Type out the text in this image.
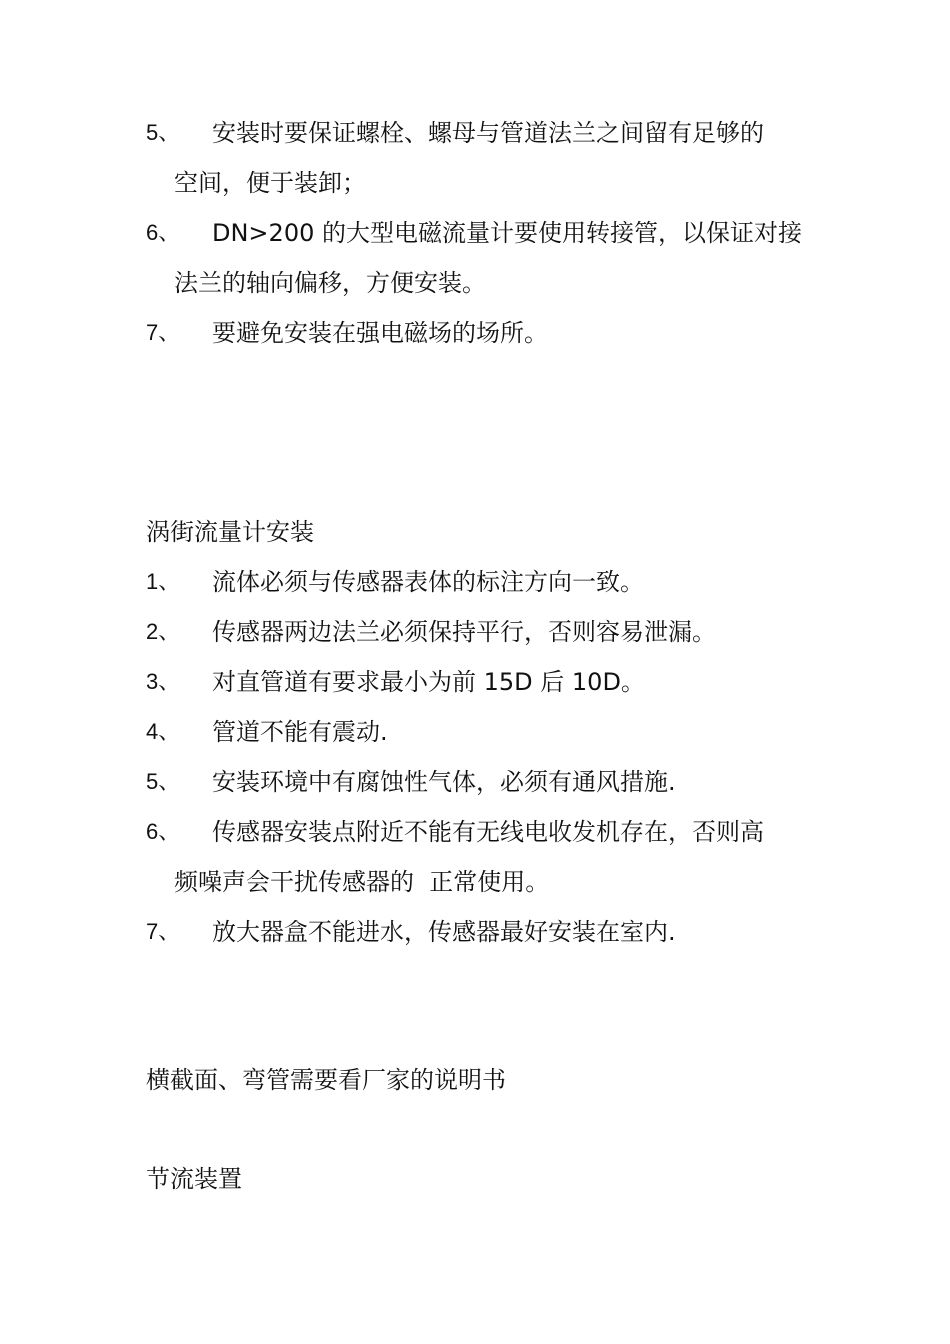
5、	安装时要保证螺栓、螺母与管道法兰之间留有足够的
空间，便于装卸；
6、	DN>200 的大型电磁流量计要使用转接管，以保证对接
法兰的轴向偏移，方便安装。
7、	要避免安装在强电磁场的场所。
涡街流量计安装
1、	流体必须与传感器表体的标注方向一致。
2、	传感器两边法兰必须保持平行，否则容易泄漏。
3、	对直管道有要求最小为前 15D 后 10D。
4、	管道不能有震动.
5、	安装环境中有腐蚀性气体，必须有通风措施.
6、	传感器安装点附近不能有无线电收发机存在，否则高
频噪声会干扰传感器的  正常使用。
7、	放大器盒不能进水，传感器最好安装在室内.
横截面、弯管需要看厂家的说明书
节流装置
